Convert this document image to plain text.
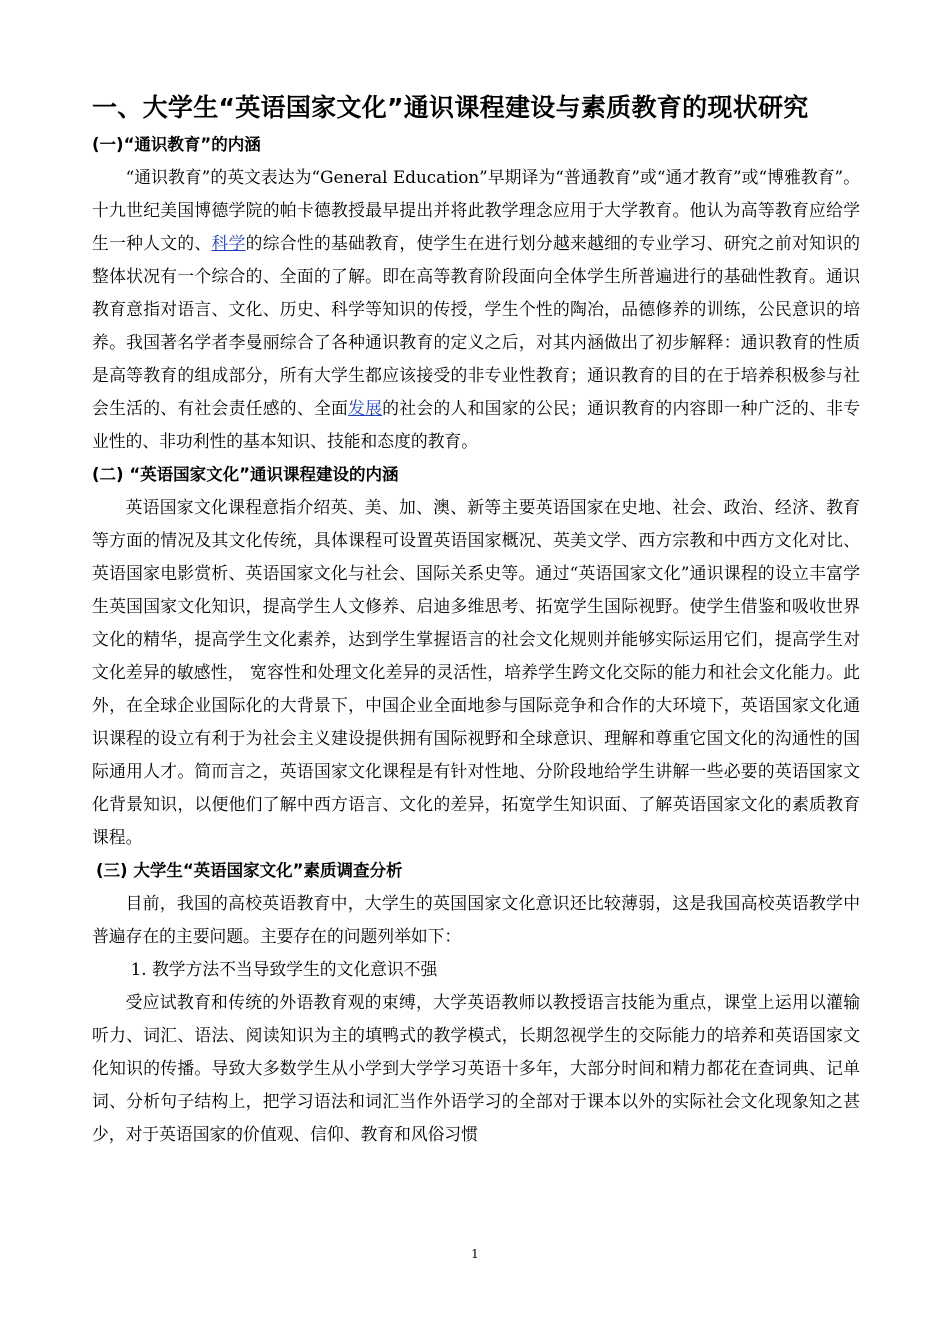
一、大学生“英语国家文化”通识课程建设与素质教育的现状研究
(一)“通识教育”的内涵

“通识教育”的英文表达为“General Education”早期译为“普通教育”或“通才教育”或“博雅教育”。十九世纪美国博德学院的帕卡德教授最早提出并将此教学理念应用于大学教育。他认为高等教育应给学生一种人文的、科学的综合性的基础教育，使学生在进行划分越来越细的专业学习、研究之前对知识的整体状况有一个综合的、全面的了解。即在高等教育阶段面向全体学生所普遍进行的基础性教育。通识教育意指对语言、文化、历史、科学等知识的传授，学生个性的陶冶，品德修养的训练，公民意识的培养。我国著名学者李曼丽综合了各种通识教育的定义之后，对其内涵做出了初步解释：通识教育的性质是高等教育的组成部分，所有大学生都应该接受的非专业性教育；通识教育的目的在于培养积极参与社会生活的、有社会责任感的、全面发展的社会的人和国家的公民；通识教育的内容即一种广泛的、非专业性的、非功利性的基本知识、技能和态度的教育。

(二) “英语国家文化”通识课程建设的内涵

英语国家文化课程意指介绍英、美、加、澳、新等主要英语国家在史地、社会、政治、经济、教育等方面的情况及其文化传统，具体课程可设置英语国家概况、英美文学、西方宗教和中西方文化对比、英语国家电影赏析、英语国家文化与社会、国际关系史等。通过“英语国家文化”通识课程的设立丰富学生英国国家文化知识，提高学生人文修养、启迪多维思考、拓宽学生国际视野。使学生借鉴和吸收世界文化的精华，提高学生文化素养，达到学生掌握语言的社会文化规则并能够实际运用它们，提高学生对文化差异的敏感性， 宽容性和处理文化差异的灵活性，培养学生跨文化交际的能力和社会文化能力。此外，在全球企业国际化的大背景下，中国企业全面地参与国际竞争和合作的大环境下，英语国家文化通识课程的设立有利于为社会主义建设提供拥有国际视野和全球意识、理解和尊重它国文化的沟通性的国际通用人才。简而言之，英语国家文化课程是有针对性地、分阶段地给学生讲解一些必要的英语国家文化背景知识，以便他们了解中西方语言、文化的差异，拓宽学生知识面、了解英语国家文化的素质教育课程。

(三) 大学生“英语国家文化”素质调查分析

目前，我国的高校英语教育中，大学生的英国国家文化意识还比较薄弱，这是我国高校英语教学中普遍存在的主要问题。主要存在的问题列举如下：

1. 教学方法不当导致学生的文化意识不强

受应试教育和传统的外语教育观的束缚，大学英语教师以教授语言技能为重点，课堂上运用以灌输听力、词汇、语法、阅读知识为主的填鸭式的教学模式，长期忽视学生的交际能力的培养和英语国家文化知识的传播。导致大多数学生从小学到大学学习英语十多年，大部分时间和精力都花在查词典、记单词、分析句子结构上，把学习语法和词汇当作外语学习的全部对于课本以外的实际社会文化现象知之甚少，对于英语国家的价值观、信仰、教育和风俗习惯

1
